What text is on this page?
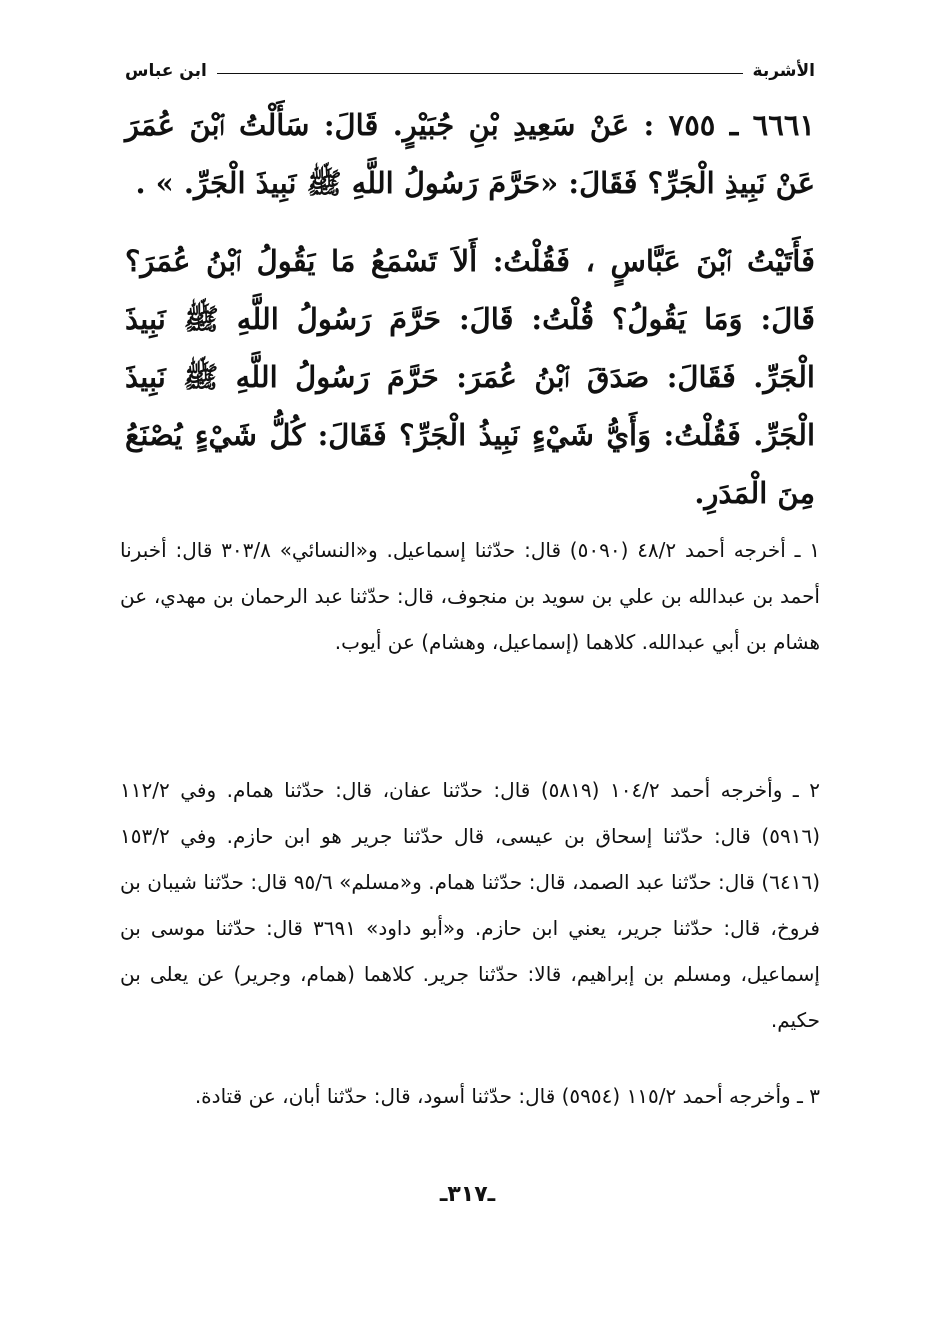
الأشربة
ابن عباس
٦٦٦١ ـ ٧٥٥ : عَنْ سَعِيدِ بْنِ جُبَيْرٍ. قَالَ: سَأَلْتُ ٱبْنَ عُمَرَ عَنْ نَبِيذِ الْجَرِّ؟ فَقَالَ: «حَرَّمَ رَسُولُ اللَّهِ ﷺ نَبِيذَ الْجَرِّ. » .
فَأَتَيْتُ ٱبْنَ عَبَّاسٍ ، فَقُلْتُ: أَلاَ تَسْمَعُ مَا يَقُولُ ٱبْنُ عُمَرَ؟ قَالَ: وَمَا يَقُولُ؟ قُلْتُ: قَالَ: حَرَّمَ رَسُولُ اللَّهِ ﷺ نَبِيذَ الْجَرِّ. فَقَالَ: صَدَقَ ٱبْنُ عُمَرَ: حَرَّمَ رَسُولُ اللَّهِ ﷺ نَبِيذَ الْجَرِّ. فَقُلْتُ: وَأَيُّ شَيْءٍ نَبِيذُ الْجَرِّ؟ فَقَالَ: كُلُّ شَيْءٍ يُصْنَعُ مِنَ الْمَدَرِ.
١ ـ أخرجه أحمد ٤٨/٢ (٥٠٩٠) قال: حدّثنا إسماعيل. و«النسائي» ٣٠٣/٨ قال: أخبرنا أحمد بن عبدالله بن علي بن سويد بن منجوف، قال: حدّثنا عبد الرحمان بن مهدي، عن هشام بن أبي عبدالله. كلاهما (إسماعيل، وهشام) عن أيوب.
٢ ـ وأخرجه أحمد ١٠٤/٢ (٥٨١٩) قال: حدّثنا عفان، قال: حدّثنا همام. وفي ١١٢/٢ (٥٩١٦) قال: حدّثنا إسحاق بن عيسى، قال حدّثنا جرير هو ابن حازم. وفي ١٥٣/٢ (٦٤١٦) قال: حدّثنا عبد الصمد، قال: حدّثنا همام. و«مسلم» ٩٥/٦ قال: حدّثنا شيبان بن فروخ، قال: حدّثنا جرير، يعني ابن حازم. و«أبو داود» ٣٦٩١ قال: حدّثنا موسى بن إسماعيل، ومسلم بن إبراهيم، قالا: حدّثنا جرير. كلاهما (همام، وجرير) عن يعلى بن حكيم.
٣ ـ وأخرجه أحمد ١١٥/٢ (٥٩٥٤) قال: حدّثنا أسود، قال: حدّثنا أبان، عن قتادة.
ـ٣١٧ـ
